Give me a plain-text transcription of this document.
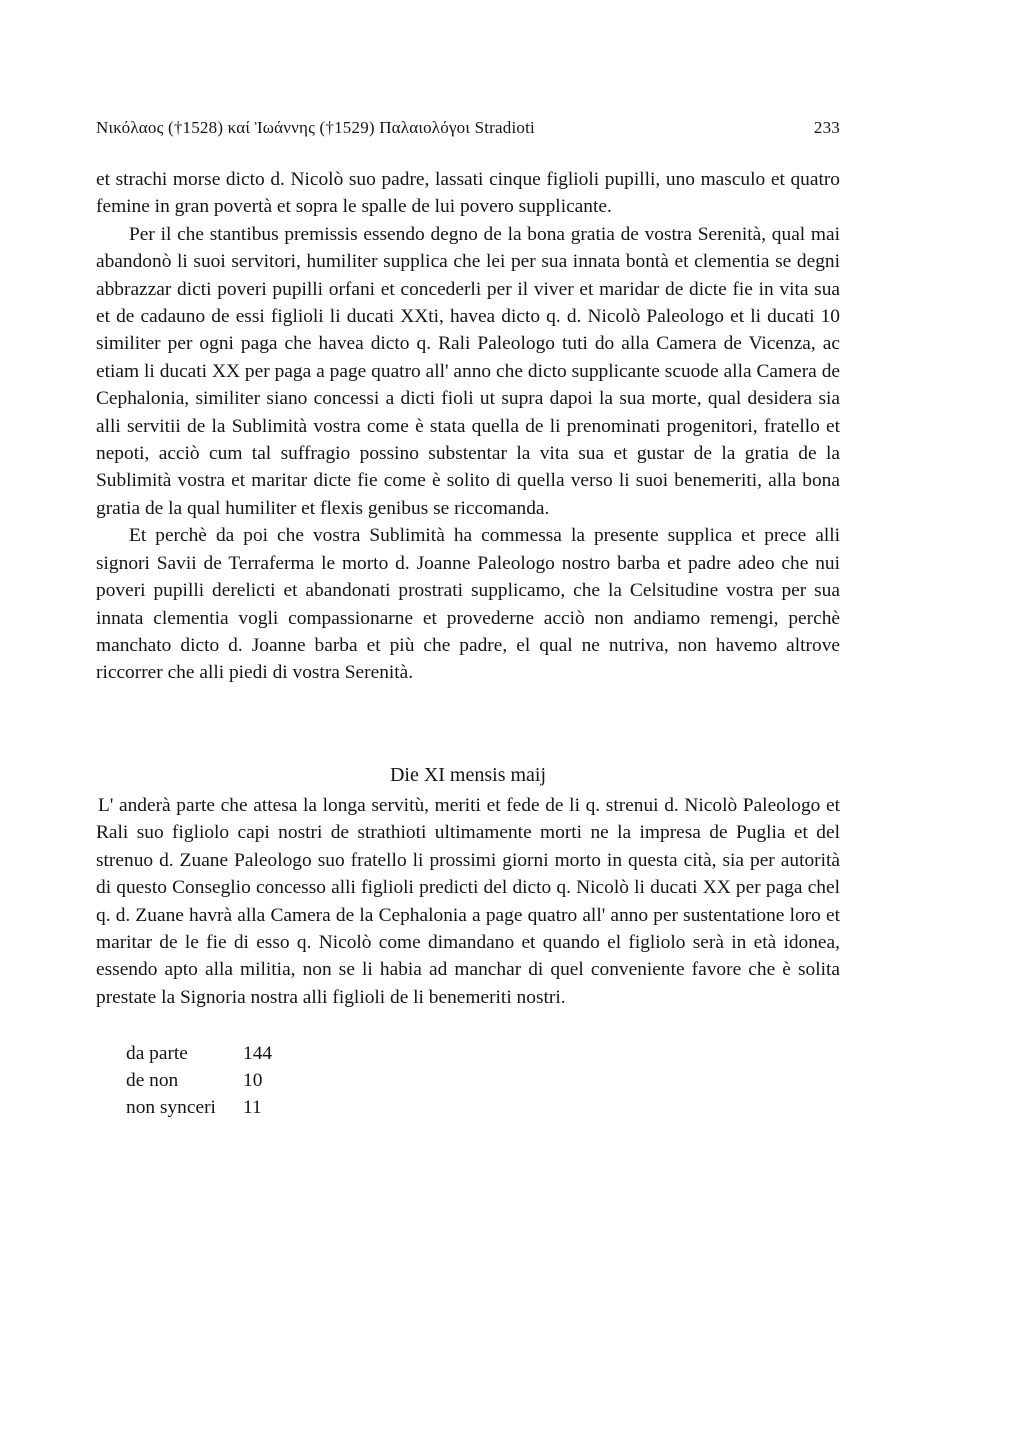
Νικόλαος (†1528) καί Ἰωάννης (†1529) Παλαιολόγοι Stradioti	233

et strachi morse dicto d. Nicolò suo padre, lassati cinque figlioli pupilli, uno masculo et quatro femine in gran povertà et sopra le spalle de lui povero supplicante.

Per il che stantibus premissis essendo degno de la bona gratia de vostra Serenità, qual mai abandonò li suoi servitori, humiliter supplica che lei per sua innata bontà et clementia se degni abbrazzar dicti poveri pupilli orfani et concederli per il viver et maridar de dicte fie in vita sua et de cadauno de essi figlioli li ducati XXti, havea dicto q. d. Nicolò Paleologo et li ducati 10 similiter per ogni paga che havea dicto q. Rali Paleologo tuti do alla Camera de Vicenza, ac etiam li ducati XX per paga a page quatro all' anno che dicto supplicante scuode alla Camera de Cephalonia, similiter siano concessi a dicti fioli ut supra dapoi la sua morte, qual desidera sia alli servitii de la Sublimità vostra come è stata quella de li prenominati progenitori, fratello et nepoti, acciò cum tal suffragio possino substentar la vita sua et gustar de la gratia de la Sublimità vostra et maritar dicte fie come è solito di quella verso li suoi benemeriti, alla bona gratia de la qual humiliter et flexis genibus se riccomanda.

Et perchè da poi che vostra Sublimità ha commessa la presente supplica et prece alli signori Savii de Terraferma le morto d. Joanne Paleologo nostro barba et padre adeo che nui poveri pupilli derelicti et abandonati prostrati supplicamo, che la Celsitudine vostra per sua innata clementia vogli compassionarne et provederne acciò non andiamo remengi, perchè manchato dicto d. Joanne barba et più che padre, el qual ne nutriva, non havemo altrove riccorrer che alli piedi di vostra Serenità.

Die XI mensis maij

L' anderà parte che attesa la longa servitù, meriti et fede de li q. strenui d. Nicolò Paleologo et Rali suo figliolo capi nostri de strathioti ultimamente morti ne la impresa de Puglia et del strenuo d. Zuane Paleologo suo fratello li prossimi giorni morto in questa cità, sia per autorità di questo Conseglio concesso alli figlioli predicti del dicto q. Nicolò li ducati XX per paga chel q. d. Zuane havrà alla Camera de la Cephalonia a page quatro all' anno per sustentatione loro et maritar de le fie di esso q. Nicolò come dimandano et quando el figliolo serà in età idonea, essendo apto alla militia, non se li habia ad manchar di quel conveniente favore che è solita prestate la Signoria nostra alli figlioli de li benemeriti nostri.

da parte	144
de non	10
non synceri	11
